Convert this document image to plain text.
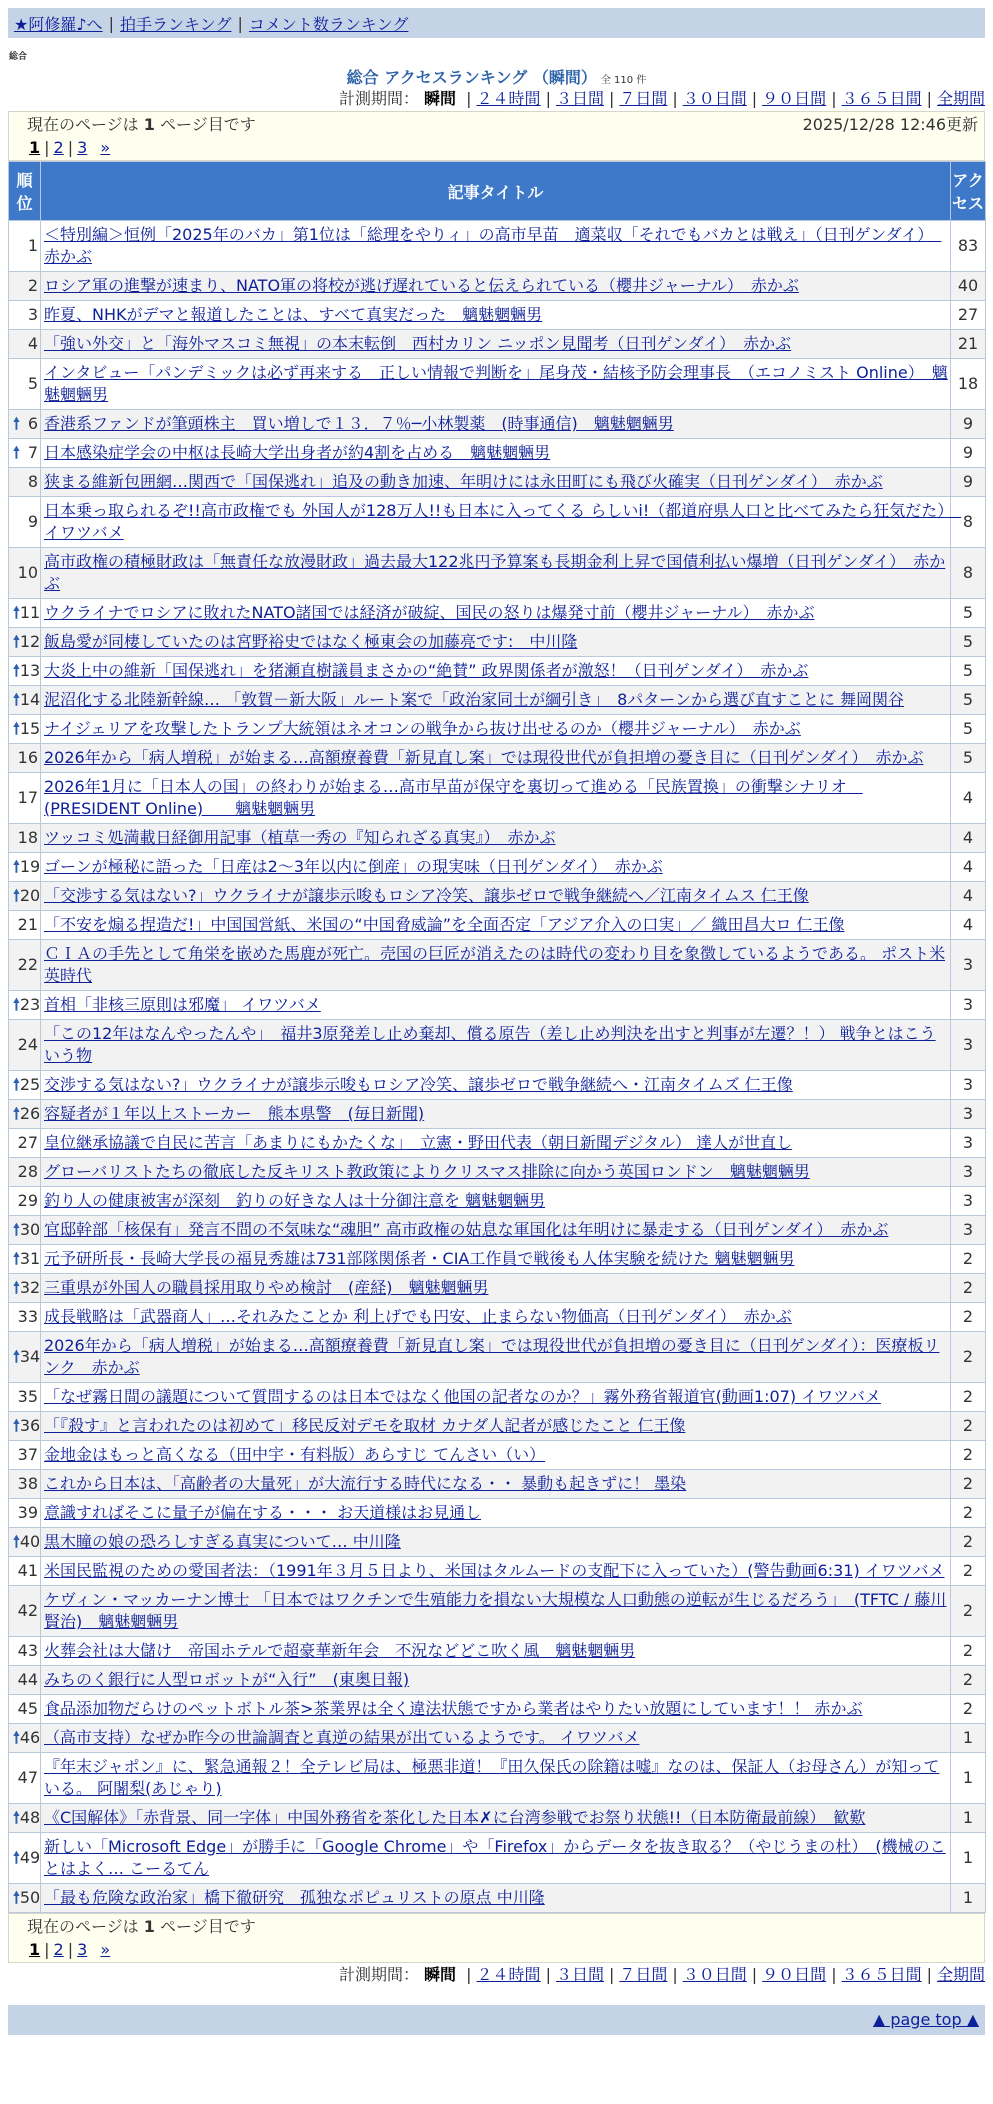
★阿修羅♪へ | 拍手ランキング | コメント数ランキング
総合
総合 アクセスランキング （瞬間） 全 110 件
計測期間： 瞬間 | ２４時間 | ３日間 | ７日間 | ３０日間 | ９０日間 | ３６５日間 | 全期間
現在のページは 1 ページ目です	2025/12/28 12:46更新
1 | 2 | 3 »
順位	記事タイトル	アクセス
1	＜特別編＞恒例「2025年のバカ」第1位は「総理をやりィ」の高市早苗　適菜収「それでもバカとは戦え」（日刊ゲンダイ）　赤かぶ	83
2	ロシア軍の進撃が速まり、NATO軍の将校が逃げ遅れていると伝えられている（櫻井ジャーナル）　赤かぶ	40
3	昨夏、NHKがデマと報道したことは、すべて真実だった　魑魅魍魎男	27
4	「強い外交」と「海外マスコミ無視」の本末転倒　西村カリン ニッポン見聞考（日刊ゲンダイ）　赤かぶ	21
5	インタビュー「パンデミックは必ず再来する　正しい情報で判断を」尾身茂・結核予防会理事長　（エコノミスト Online）　魑魅魍魎男	18

🠕 6	香港系ファンドが筆頭株主　買い増しで１３．７％─小林製薬　(時事通信)　魑魅魍魎男	9

🠕 7	日本感染症学会の中枢は長崎大学出身者が約4割を占める　魑魅魍魎男	9
8	狭まる維新包囲網…関西で「国保逃れ」追及の動き加速、年明けには永田町にも飛び火確実（日刊ゲンダイ）　赤かぶ	9
9	日本乗っ取られるぞ!!高市政権でも 外国人が128万人!!も日本に入ってくる らしいi!（都道府県人口と比べてみたら狂気だた）　イワツバメ	8
10	高市政権の積極財政は「無責任な放漫財政」過去最大122兆円予算案も長期金利上昇で国債利払い爆増（日刊ゲンダイ）　赤かぶ	8

🠕 11	ウクライナでロシアに敗れたNATO諸国では経済が破綻、国民の怒りは爆発寸前（櫻井ジャーナル）　赤かぶ	5

🠕 12	飯島愛が同棲していたのは宮野裕史ではなく極東会の加藤亮です:　中川隆	5

🠕 13	大炎上中の維新「国保逃れ」を猪瀬直樹議員まさかの“絶賛” 政界関係者が激怒！（日刊ゲンダイ）　赤かぶ	5

🠕 14	泥沼化する北陸新幹線… 「敦賀－新大阪」ルート案で「政治家同士が綱引き」　8パターンから選び直すことに 舞岡関谷	5

🠕 15	ナイジェリアを攻撃したトランプ大統領はネオコンの戦争から抜け出せるのか（櫻井ジャーナル）　赤かぶ	5
16	2026年から「病人増税」が始まる…高額療養費「新見直し案」では現役世代が負担増の憂き目に（日刊ゲンダイ）　赤かぶ	5
17	2026年1月に「日本人の国」の終わりが始まる…高市早苗が保守を裏切って進める「民族置換」の衝撃シナリオ　(PRESIDENT Online)　　魑魅魍魎男	4
18	ツッコミ処満載日経御用記事（植草一秀の『知られざる真実』）　赤かぶ	4

🠕 19	ゴーンが極秘に語った「日産は2～3年以内に倒産」の現実味（日刊ゲンダイ）　赤かぶ	4

🠕 20	「交渉する気はない?」ウクライナが譲歩示唆もロシア冷笑、譲歩ゼロで戦争継続へ／江南タイムス 仁王像	4
21	「不安を煽る捏造だ!」中国国営紙、米国の“中国脅威論”を全面否定「アジア介入の口実」／ 織田昌大ロ 仁王像	4
22	ＣＩＡの手先として角栄を嵌めた馬鹿が死亡。売国の巨匠が消えたのは時代の変わり目を象徴しているようである。 ポスト米英時代	3

🠕 23	首相「非核三原則は邪魔」 イワツバメ	3
24	「この12年はなんやったんや」　福井3原発差し止め棄却、償る原告（差し止め判決を出すと判事が左遷？！） 戦争とはこういう物	3

🠕 25	交渉する気はない?」ウクライナが譲歩示唆もロシア冷笑、譲歩ゼロで戦争継続へ・江南タイムズ 仁王像	3

🠕 26	容疑者が１年以上ストーカー　熊本県警　(毎日新聞)	3
27	皇位継承協議で自民に苦言「あまりにもかたくな」　立憲・野田代表（朝日新聞デジタル） 達人が世直し	3
28	グローバリストたちの徹底した反キリスト教政策によりクリスマス排除に向かう英国ロンドン　魑魅魍魎男	3
29	釣り人の健康被害が深刻　釣りの好きな人は十分御注意を 魑魅魍魎男	3

🠕 30	官邸幹部「核保有」発言不問の不気味な“魂胆” 高市政権の姑息な軍国化は年明けに暴走する（日刊ゲンダイ）　赤かぶ	3

🠕 31	元予研所長・長崎大学長の福見秀雄は731部隊関係者・CIA工作員で戦後も人体実験を続けた 魑魅魍魎男	2

🠕 32	三重県が外国人の職員採用取りやめ検討　(産経)　魑魅魍魎男	2
33	成長戦略は「武器商人」…それみたことか 利上げでも円安、止まらない物価高（日刊ゲンダイ）　赤かぶ	2

🠕 34	2026年から「病人増税」が始まる…高額療養費「新見直し案」では現役世代が負担増の憂き目に（日刊ゲンダイ）：医療板リンク　赤かぶ	2
35	「なぜ霧日間の議題について質問するのは日本ではなく他国の記者なのか？」霧外務省報道官(動画1:07) イワツバメ	2

🠕 36	「『殺す』と言われたのは初めて」移民反対デモを取材 カナダ人記者が感じたこと 仁王像	2
37	金地金はもっと高くなる（田中宇・有料版）あらすじ てんさい（い）	2
38	これから日本は、「高齢者の大量死」が大流行する時代になる・・ 暴動も起きずに！ 墨染	2
39	意識すればそこに量子が偏在する・・・ お天道様はお見通し	2

🠕 40	黒木瞳の娘の恐ろしすぎる真実について… 中川隆	2
41	米国民監視のための愛国者法：（1991年３月５日より、米国はタルムードの支配下に入っていた）(警告動画6:31) イワツバメ	2
42	ケヴィン・マッカーナン博士 「日本ではワクチンで生殖能力を損ない大規模な人口動態の逆転が生じるだろう」　(TFTC / 藤川賢治)　魑魅魍魎男	2
43	火葬会社は大儲け　帝国ホテルで超豪華新年会　不況などどこ吹く風　魑魅魍魎男	2
44	みちのく銀行に人型ロボットが“入行”　(東奥日報)	2
45	食品添加物だらけのペットボトル茶>茶業界は全く違法状態ですから業者はやりたい放題にしています！！ 赤かぶ	2

🠕 46	（高市支持）なぜか昨今の世論調査と真逆の結果が出ているようです。 イワツバメ	1
47	『年末ジャポン』に、緊急通報２！全テレビ局は、極悪非道！『田久保氏の除籍は嘘』なのは、保証人（お母さん）が知っている。 阿闍梨(あじゃり)	1

🠕 48	《C国解体》「赤背景、同一字体」中国外務省を茶化した日本✗に台湾参戦でお祭り状態!!（日本防衛最前線）　歓歎	1

🠕 49	新しい「Microsoft Edge」が勝手に「Google Chrome」や「Firefox」からデータを抜き取る？（やじうまの杜）　(機械のことはよく… こーるてん	1

🠕 50	「最も危険な政治家」橋下徹研究　孤独なポピュリストの原点 中川隆	1
現在のページは 1 ページ目です
1 | 2 | 3 »
計測期間： 瞬間 | ２４時間 | ３日間 | ７日間 | ３０日間 | ９０日間 | ３６５日間 | 全期間
▲ page top ▲
